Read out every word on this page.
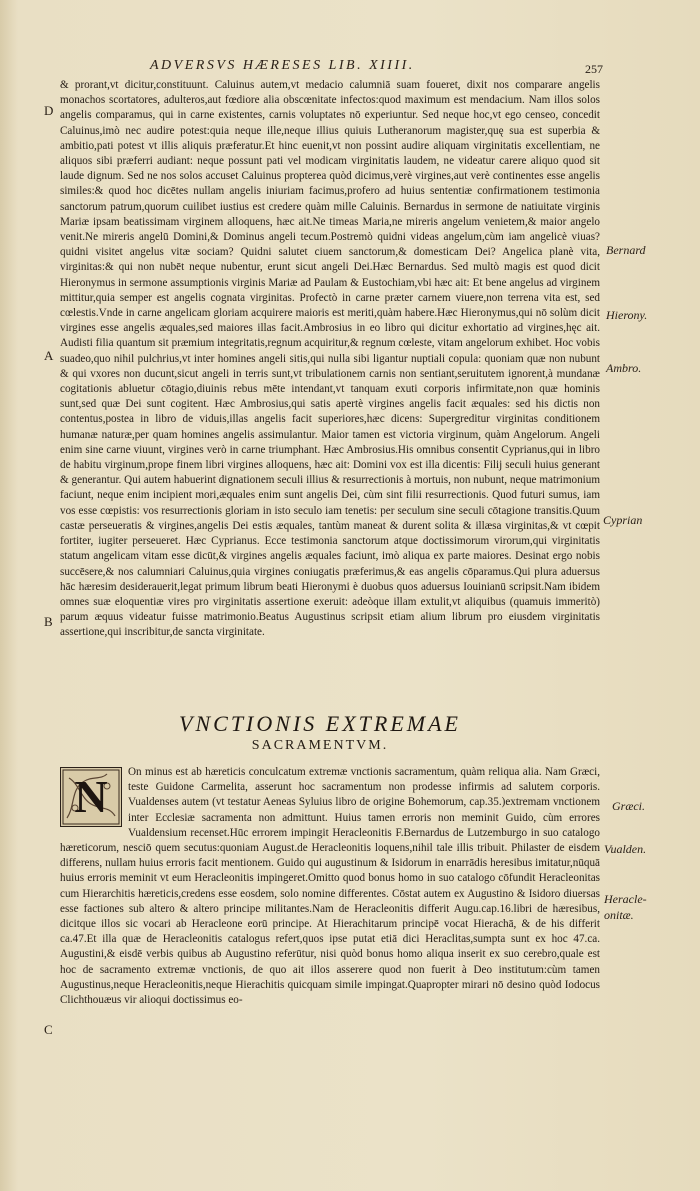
ADVERSVS HÆRESES LIB. XIIII.	257
D
A
B
C
Bernard
Hierony.
Ambro.
Cyprian
Græci.
Vualden.
Heracle-
onitæ.

& prorant,vt dicitur,constituunt. Caluinus autem,vt medacio calumniā suam foueret, dixit nos comparare angelis monachos scortatores, adulteros,aut fœdiore alia obscœnitate infectos:quod maximum est mendacium. Nam illos solos angelis comparamus, qui in carne existentes, carnis voluptates nō experiuntur. Sed neque hoc,vt ego censeo, concedit Caluinus,imò nec audire potest:quia neque ille,neque illius quiuis Lutheranorum magister,quę sua est superbia & ambitio,pati potest vt illis aliquis præferatur.Et hinc euenit,vt non possint audire aliquam virginitatis excellentiam, ne aliquos sibi præferri audiant: neque possunt pati vel modicam virginitatis laudem, ne videatur carere aliquo quod sit laude dignum. Sed ne nos solos accuset Caluinus propterea quòd dicimus,verè virgines,aut verè continentes esse angelis similes:& quod hoc dicētes nullam angelis iniuriam facimus,profero ad huius sententiæ confirmationem testimonia sanctorum patrum,quorum cuilibet iustius est credere quàm mille Caluinis. Bernardus in sermone de natiuitate virginis Mariæ ipsam beatissimam virginem alloquens, hæc ait.Ne timeas Maria,ne mireris angelum venietem,& maior angelo venit.Ne mireris angelū Domini,& Dominus angeli tecum.Postremò quidni videas angelum,cùm iam angelicè viuas? quidni visitet angelus vitæ sociam? Quidni salutet ciuem sanctorum,& domesticam Dei? Angelica planè vita, virginitas:& qui non nubēt neque nubentur, erunt sicut angeli Dei.Hæc Bernardus. Sed multò magis est quod dicit Hieronymus in sermone assumptionis virginis Mariæ ad Paulam & Eustochiam,vbi hæc ait: Et bene angelus ad virginem mittitur,quia semper est angelis cognata virginitas. Profectò in carne præter carnem viuere,non terrena vita est, sed cœlestis.Vnde in carne angelicam gloriam acquirere maioris est meriti,quàm habere.Hæc Hieronymus,qui nō solùm dicit virgines esse angelis æquales,sed maiores illas facit.Ambrosius in eo libro qui dicitur exhortatio ad virgines,hęc ait. Audisti filia quantum sit præmium integritatis,regnum acquiritur,& regnum cœleste, vitam angelorum exhibet. Hoc vobis suadeo,quo nihil pulchrius,vt inter homines angeli sitis,qui nulla sibi ligantur nuptiali copula: quoniam quæ non nubunt & qui vxores non ducunt,sicut angeli in terris sunt,vt tribulationem carnis non sentiant,seruitutem ignorent,à mundanæ cogitationis abluetur cōtagio,diuinis rebus mēte intendant,vt tanquam exuti corporis infirmitate,non quæ hominis sunt,sed quæ Dei sunt cogitent. Hæc Ambrosius,qui satis apertè virgines angelis facit æquales: sed his dictis non contentus,postea in libro de viduis,illas angelis facit superiores,hæc dicens: Supergreditur virginitas conditionem humanæ naturæ,per quam homines angelis assimulantur. Maior tamen est victoria virginum, quàm Angelorum. Angeli enim sine carne viuunt, virgines verò in carne triumphant. Hæc Ambrosius.His omnibus consentit Cyprianus,qui in libro de habitu virginum,prope finem libri virgines alloquens, hæc ait: Domini vox est illa dicentis: Filij seculi huius generant & generantur. Qui autem habuerint dignationem seculi illius & resurrectionis à mortuis, non nubunt, neque matrimonium faciunt, neque enim incipient mori,æquales enim sunt angelis Dei, cùm sint filii resurrectionis. Quod futuri sumus, iam vos esse cœpistis: vos resurrectionis gloriam in isto seculo iam tenetis: per seculum sine seculi cōtagione transitis.Quum castæ perseueratis & virgines,angelis Dei estis æquales, tantùm maneat & durent solita & illæsa virginitas,& vt cœpit fortiter, iugiter perseueret. Hæc Cyprianus. Ecce testimonia sanctorum atque doctissimorum virorum,qui virginitatis statum angelicam vitam esse dicūt,& virgines angelis æquales faciunt, imò aliqua ex parte maiores. Desinat ergo nobis succēsere,& nos calumniari Caluinus,quia virgines coniugatis præferimus,& eas angelis cōparamus.Qui plura aduersus hāc hæresim desiderauerit,legat primum librum beati Hieronymi è duobus quos aduersus Iouinianū scripsit.Nam ibidem omnes suæ eloquentiæ vires pro virginitatis assertione exeruit: adeòque illam extulit,vt aliquibus (quamuis immeritò) parum æquus videatur fuisse matrimonio.Beatus Augustinus scripsit etiam alium librum pro eiusdem virginitatis assertione,qui inscribitur,de sancta virginitate.

VNCTIONIS EXTREMAE
SACRAMENTVM.
N	On minus est ab hæreticis conculcatum extremæ vnctionis sacramentum, quàm reliqua alia. Nam Græci, teste Guidone Carmelita, asserunt hoc sacramentum non prodesse infirmis ad salutem corporis. Vualdenses autem (vt testatur Aeneas Syluius libro de origine Bohemorum, cap.35.)extremam vnctionem inter Ecclesiæ sacramenta non admittunt. Huius tamen erroris non meminit Guido, cùm errores Vualdensium recenset.Hūc errorem impingit Heracleonitis F.Bernardus de Lutzemburgo in suo catalogo hæreticorum, nesciō quem secutus:quoniam August.de Heracleonitis loquens,nihil tale illis tribuit. Philaster de eisdem differens, nullam huius erroris facit mentionem. Guido qui augustinum & Isidorum in enarrādis heresibus imitatur,nūquā huius erroris meminit vt eum Heracleonitis impingeret.Omitto quod bonus homo in suo catalogo cōfundit Heracleonitas cum Hierarchitis hæreticis,credens esse eosdem, solo nomine differentes. Cōstat autem ex Augustino & Isidoro diuersas esse factiones sub altero & altero principe militantes.Nam de Heracleonitis differit Augu.cap.16.libri de hæresibus, dicitque illos sic vocari ab Heracleone eorū principe. At Hierachitarum principē vocat Hierachā, & de his differit ca.47.Et illa quæ de Heracleonitis catalogus refert,quos ipse putat etiā dici Heraclitas,sumpta sunt ex hoc 47.ca. Augustini,& eisdē verbis quibus ab Augustino referūtur, nisi quòd bonus homo aliqua inserit ex suo cerebro,quale est hoc de sacramento extremæ vnctionis, de quo ait illos asserere quod non fuerit à Deo institutum:cùm tamen Augustinus,neque Heracleonitis,neque Hierachitis quicquam simile impingat.Quapropter mirari nō desino quòd Iodocus Clichthouæus vir alioqui doctissimus eo-
